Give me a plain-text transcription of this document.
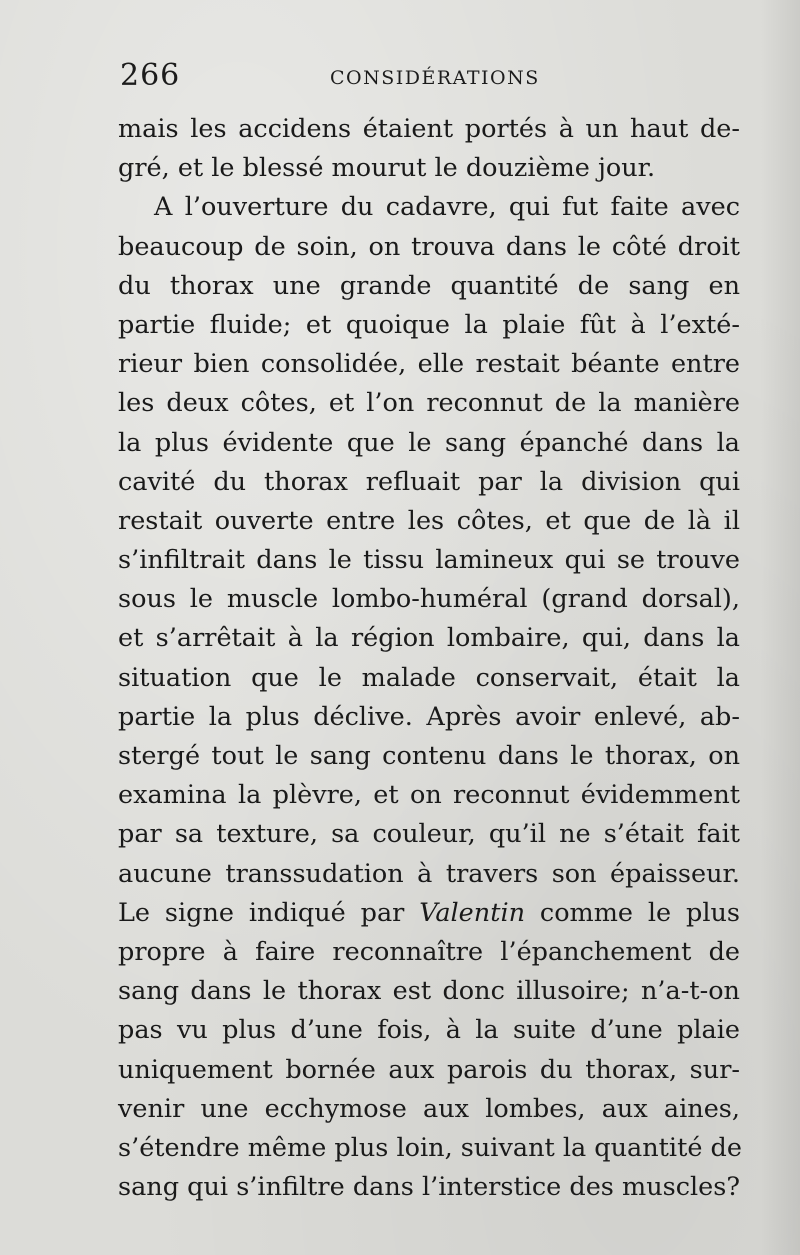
266	CONSIDÉRATIONS
mais les accidens étaient portés à un haut de-
gré, et le blessé mourut le douzième jour.
A l’ouverture du cadavre, qui fut faite avec
beaucoup de soin, on trouva dans le côté droit
du thorax une grande quantité de sang en
partie fluide; et quoique la plaie fût à l’exté-
rieur bien consolidée, elle restait béante entre
les deux côtes, et l’on reconnut de la manière
la plus évidente que le sang épanché dans la
cavité du thorax refluait par la division qui
restait ouverte entre les côtes, et que de là il
s’infiltrait dans le tissu lamineux qui se trouve
sous le muscle lombo-huméral (grand dorsal),
et s’arrêtait à la région lombaire, qui, dans la
situation que le malade conservait, était la
partie la plus déclive. Après avoir enlevé, ab-
stergé tout le sang contenu dans le thorax, on
examina la plèvre, et on reconnut évidemment
par sa texture, sa couleur, qu’il ne s’était fait
aucune transsudation à travers son épaisseur.
Le signe indiqué par Valentin comme le plus
propre à faire reconnaître l’épanchement de
sang dans le thorax est donc illusoire; n’a-t-on
pas vu plus d’une fois, à la suite d’une plaie
uniquement bornée aux parois du thorax, sur-
venir une ecchymose aux lombes, aux aines,
s’étendre même plus loin, suivant la quantité de
sang qui s’infiltre dans l’interstice des muscles?
